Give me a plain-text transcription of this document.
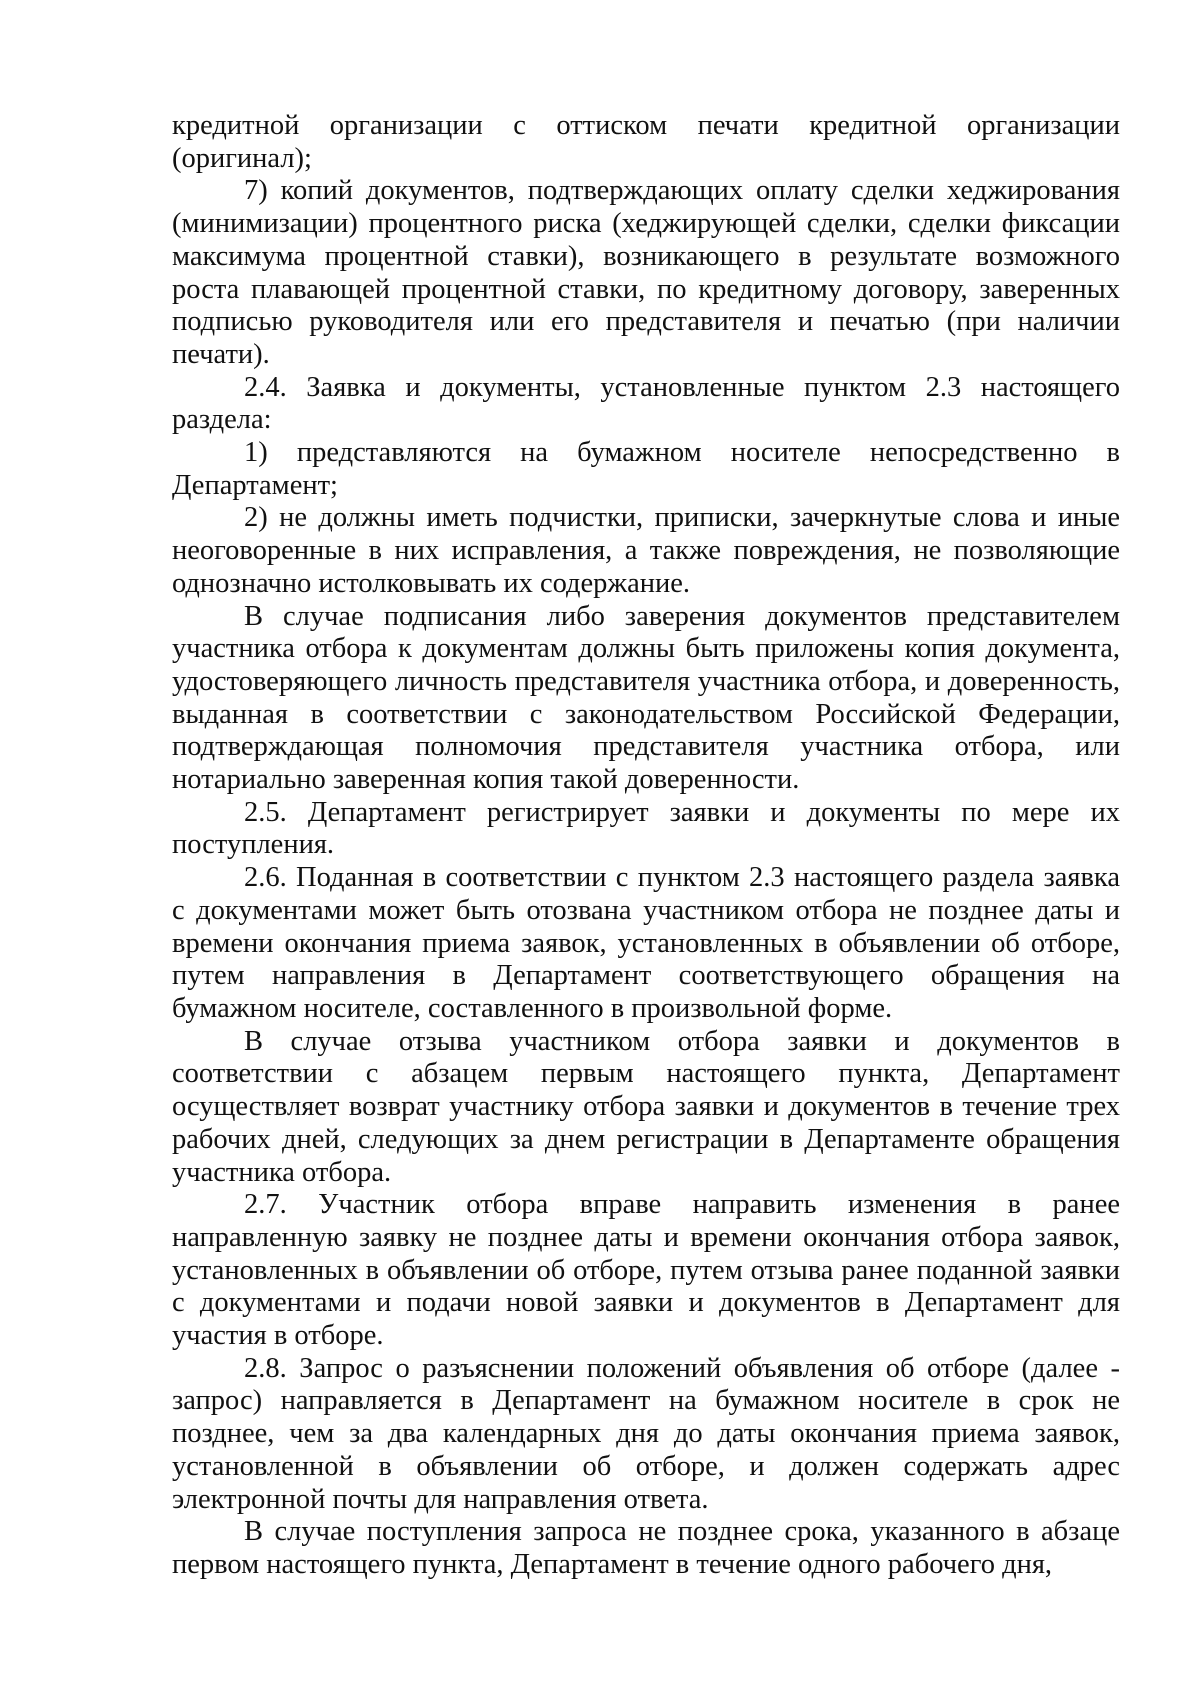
кредитной организации с оттиском печати кредитной организации (оригинал);

7) копий документов, подтверждающих оплату сделки хеджирования (минимизации) процентного риска (хеджирующей сделки, сделки фиксации максимума процентной ставки), возникающего в результате возможного роста плавающей процентной ставки, по кредитному договору, заверенных подписью руководителя или его представителя и печатью (при наличии печати).

2.4. Заявка и документы, установленные пунктом 2.3 настоящего раздела:

1) представляются на бумажном носителе непосредственно в Департамент;

2) не должны иметь подчистки, приписки, зачеркнутые слова и иные неоговоренные в них исправления, а также повреждения, не позволяющие однозначно истолковывать их содержание.

В случае подписания либо заверения документов представителем участника отбора к документам должны быть приложены копия документа, удостоверяющего личность представителя участника отбора, и доверенность, выданная в соответствии с законодательством Российской Федерации, подтверждающая полномочия представителя участника отбора, или нотариально заверенная копия такой доверенности.

2.5. Департамент регистрирует заявки и документы по мере их поступления.

2.6. Поданная в соответствии с пунктом 2.3 настоящего раздела заявка с документами может быть отозвана участником отбора не позднее даты и времени окончания приема заявок, установленных в объявлении об отборе, путем направления в Департамент соответствующего обращения на бумажном носителе, составленного в произвольной форме.

В случае отзыва участником отбора заявки и документов в соответствии с абзацем первым настоящего пункта, Департамент осуществляет возврат участнику отбора заявки и документов в течение трех рабочих дней, следующих за днем регистрации в Департаменте обращения участника отбора.

2.7. Участник отбора вправе направить изменения в ранее направленную заявку не позднее даты и времени окончания отбора заявок, установленных в объявлении об отборе, путем отзыва ранее поданной заявки с документами и подачи новой заявки и документов в Департамент для участия в отборе.

2.8. Запрос о разъяснении положений объявления об отборе (далее - запрос) направляется в Департамент на бумажном носителе в срок не позднее, чем за два календарных дня до даты окончания приема заявок, установленной в объявлении об отборе, и должен содержать адрес электронной почты для направления ответа.

В случае поступления запроса не позднее срока, указанного в абзаце первом настоящего пункта, Департамент в течение одного рабочего дня,
